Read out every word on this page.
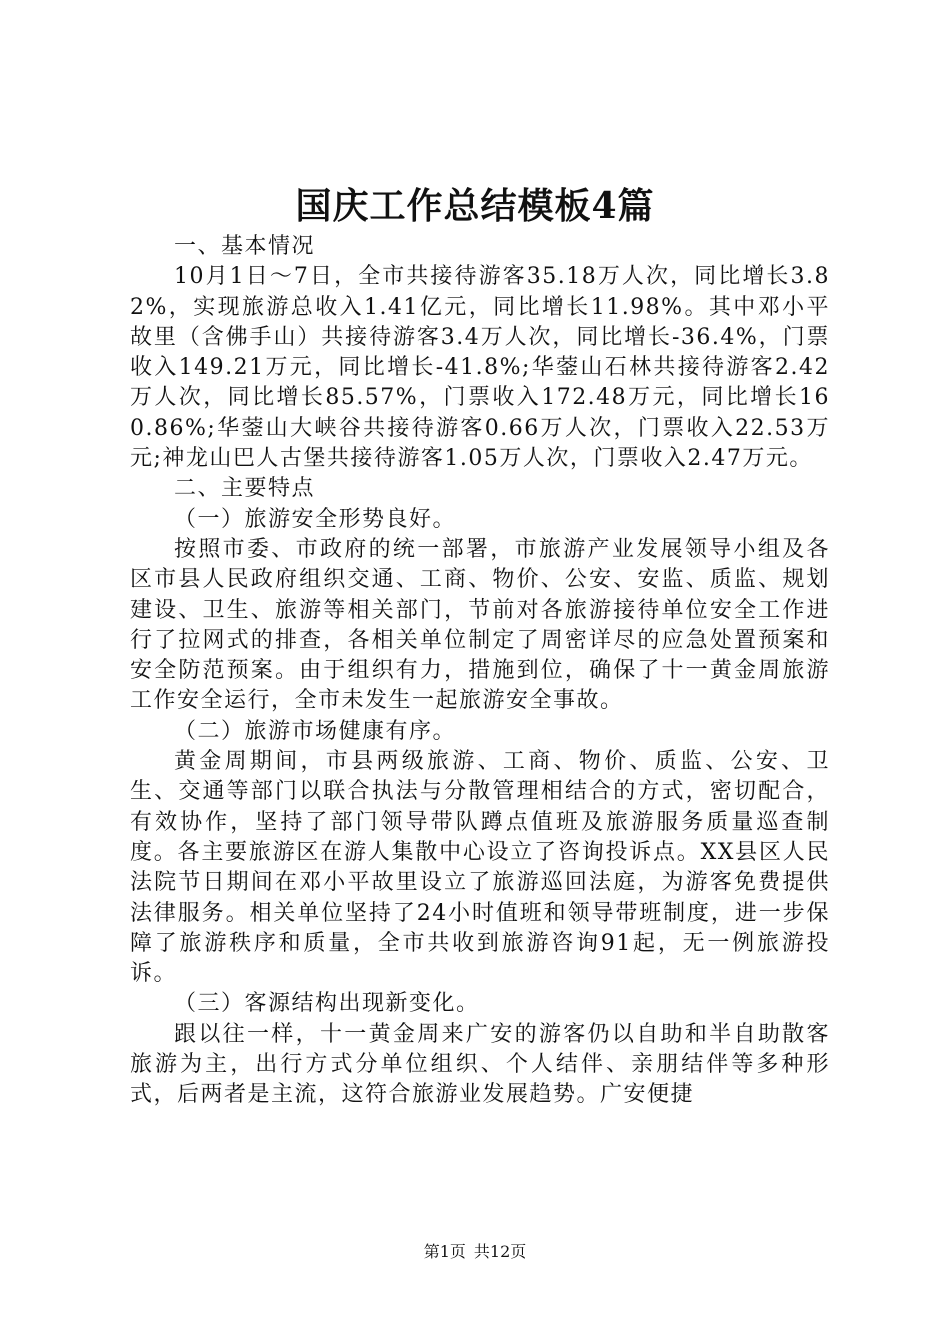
国庆工作总结模板4篇

一、基本情况

10月1日～7日，全市共接待游客35.18万人次，同比增长3.82%，实现旅游总收入1.41亿元，同比增长11.98%。其中邓小平故里（含佛手山）共接待游客3.4万人次，同比增长-36.4%，门票收入149.21万元，同比增长-41.8%;华蓥山石林共接待游客2.42万人次，同比增长85.57%，门票收入172.48万元，同比增长160.86%;华蓥山大峡谷共接待游客0.66万人次，门票收入22.53万元;神龙山巴人古堡共接待游客1.05万人次，门票收入2.47万元。

二、主要特点

（一）旅游安全形势良好。

按照市委、市政府的统一部署，市旅游产业发展领导小组及各区市县人民政府组织交通、工商、物价、公安、安监、质监、规划建设、卫生、旅游等相关部门，节前对各旅游接待单位安全工作进行了拉网式的排查，各相关单位制定了周密详尽的应急处置预案和安全防范预案。由于组织有力，措施到位，确保了十一黄金周旅游工作安全运行，全市未发生一起旅游安全事故。

（二）旅游市场健康有序。

黄金周期间，市县两级旅游、工商、物价、质监、公安、卫生、交通等部门以联合执法与分散管理相结合的方式，密切配合，有效协作，坚持了部门领导带队蹲点值班及旅游服务质量巡查制度。各主要旅游区在游人集散中心设立了咨询投诉点。XX县区人民法院节日期间在邓小平故里设立了旅游巡回法庭，为游客免费提供法律服务。相关单位坚持了24小时值班和领导带班制度，进一步保障了旅游秩序和质量，全市共收到旅游咨询91起，无一例旅游投诉。

（三）客源结构出现新变化。

跟以往一样，十一黄金周来广安的游客仍以自助和半自助散客旅游为主，出行方式分单位组织、个人结伴、亲朋结伴等多种形式，后两者是主流，这符合旅游业发展趋势。广安便捷

第1页 共12页
